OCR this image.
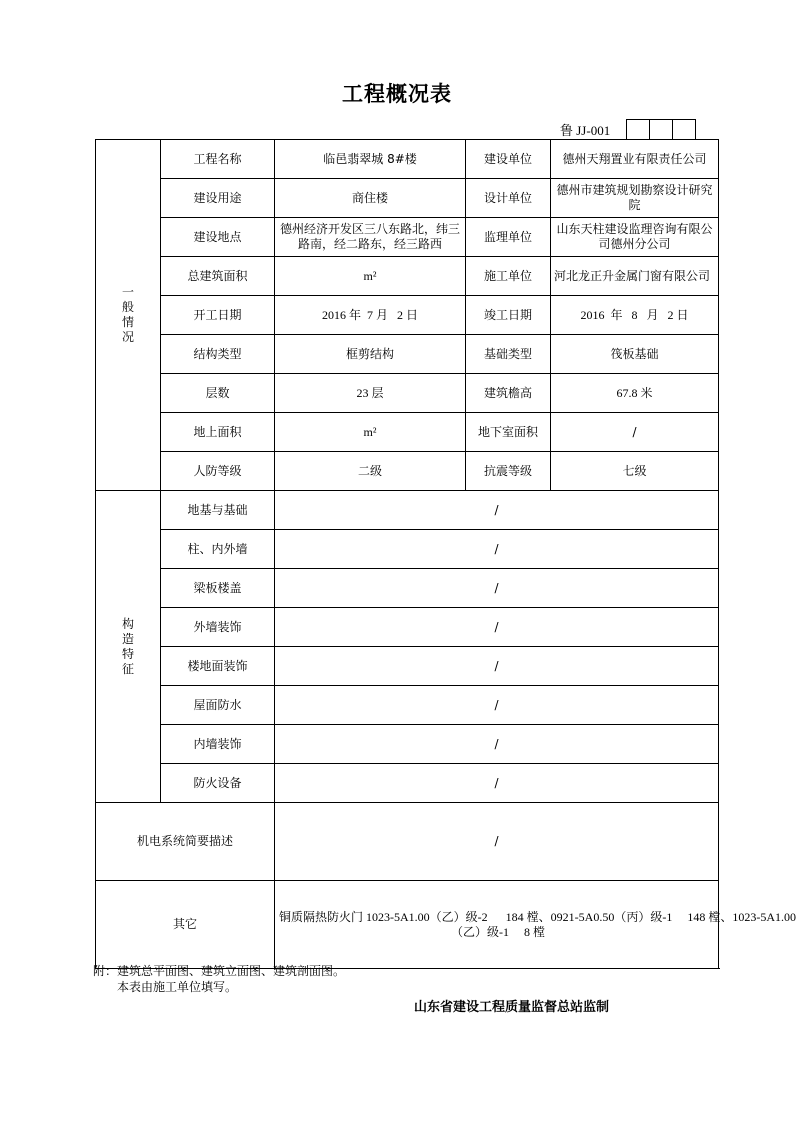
工程概况表
鲁 JJ-001
一
般
情
况	工程名称	临邑翡翠城 8#楼	建设单位	德州天翔置业有限责任公司
	建设用途	商住楼	设计单位	德州市建筑规划勘察设计研究院
	建设地点	德州经济开发区三八东路北，纬三路南，经二路东，经三路西	监理单位	山东天柱建设监理咨询有限公司德州分公司
	总建筑面积	m²	施工单位	河北龙正升金属门窗有限公司
	开工日期	2016 年  7 月   2 日	竣工日期	2016  年   8   月   2 日
	结构类型	框剪结构	基础类型	筏板基础
	层数	23 层	建筑檐高	67.8 米
	地上面积	m²	地下室面积	/
	人防等级	二级	抗震等级	七级

构
造
特
征	地基与基础	/		
	柱、内外墙	/		
	梁板楼盖	/		
	外墙装饰	/		
	楼地面装饰	/		
	屋面防水	/		
	内墙装饰	/		
	防火设备	/		
机电系统简要描述		/		
其它		铜质隔热防火门 1023-5A1.00（乙）级-2      184 樘、0921-5A0.50（丙）级-1     148 樘、1023-5A1.00
（乙）级-1     8 樘		
附：建筑总平面图、建筑立面图、建筑剖面图。
本表由施工单位填写。
山东省建设工程质量监督总站监制
